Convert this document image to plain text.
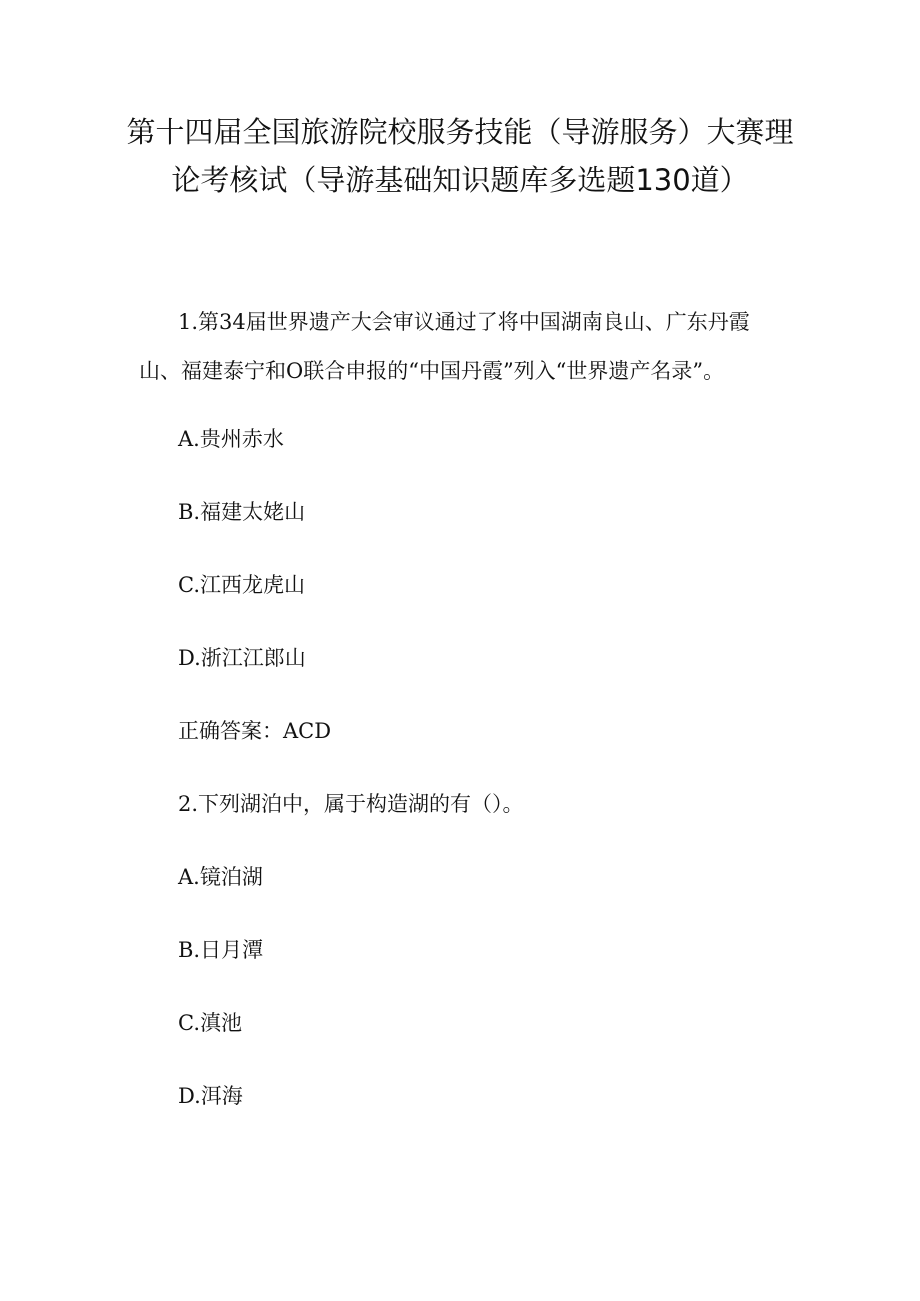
第十四届全国旅游院校服务技能（导游服务）大赛理
论考核试（导游基础知识题库多选题130道）

1.第34届世界遗产大会审议通过了将中国湖南良山、广东丹霞
山、福建泰宁和O联合申报的“中国丹霞”列入“世界遗产名录”。

A.贵州赤水
B.福建太姥山
C.江西龙虎山
D.浙江江郎山
正确答案：ACD
2.下列湖泊中，属于构造湖的有（）。
A.镜泊湖
B.日月潭
C.滇池
D.洱海
